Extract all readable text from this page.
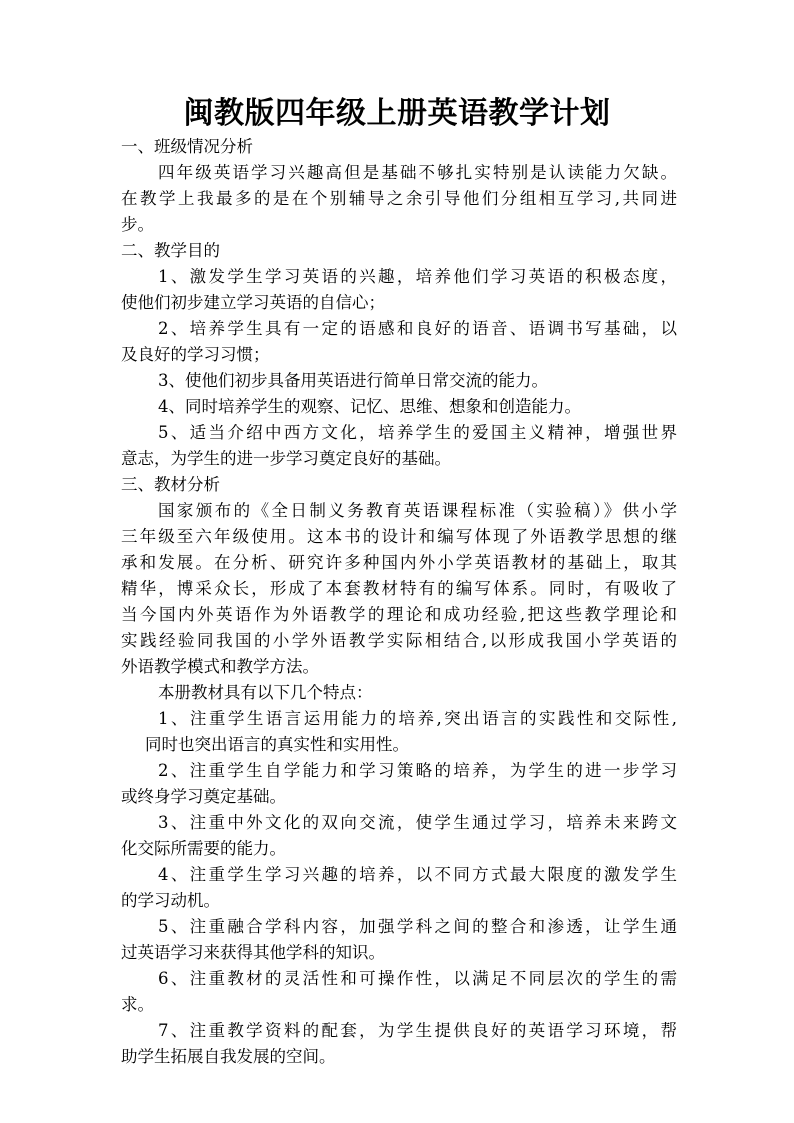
闽教版四年级上册英语教学计划
一、班级情况分析
四年级英语学习兴趣高但是基础不够扎实特别是认读能力欠缺。
在教学上我最多的是在个别辅导之余引导他们分组相互学习,共同进
步。
二、教学目的
1、激发学生学习英语的兴趣，培养他们学习英语的积极态度，
使他们初步建立学习英语的自信心；
2、培养学生具有一定的语感和良好的语音、语调书写基础，以
及良好的学习习惯；
3、使他们初步具备用英语进行简单日常交流的能力。
4、同时培养学生的观察、记忆、思维、想象和创造能力。
5、适当介绍中西方文化，培养学生的爱国主义精神，增强世界
意志，为学生的进一步学习奠定良好的基础。
三、教材分析
国家颁布的《全日制义务教育英语课程标准（实验稿）》供小学
三年级至六年级使用。这本书的设计和编写体现了外语教学思想的继
承和发展。在分析、研究许多种国内外小学英语教材的基础上，取其
精华，博采众长，形成了本套教材特有的编写体系。同时，有吸收了
当今国内外英语作为外语教学的理论和成功经验,把这些教学理论和
实践经验同我国的小学外语教学实际相结合,以形成我国小学英语的
外语教学模式和教学方法。
本册教材具有以下几个特点：
1、注重学生语言运用能力的培养,突出语言的实践性和交际性,
同时也突出语言的真实性和实用性。
2、注重学生自学能力和学习策略的培养，为学生的进一步学习
或终身学习奠定基础。
3、注重中外文化的双向交流，使学生通过学习，培养未来跨文
化交际所需要的能力。
4、注重学生学习兴趣的培养，以不同方式最大限度的激发学生
的学习动机。
5、注重融合学科内容，加强学科之间的整合和渗透，让学生通
过英语学习来获得其他学科的知识。
6、注重教材的灵活性和可操作性，以满足不同层次的学生的需
求。
7、注重教学资料的配套，为学生提供良好的英语学习环境，帮
助学生拓展自我发展的空间。
